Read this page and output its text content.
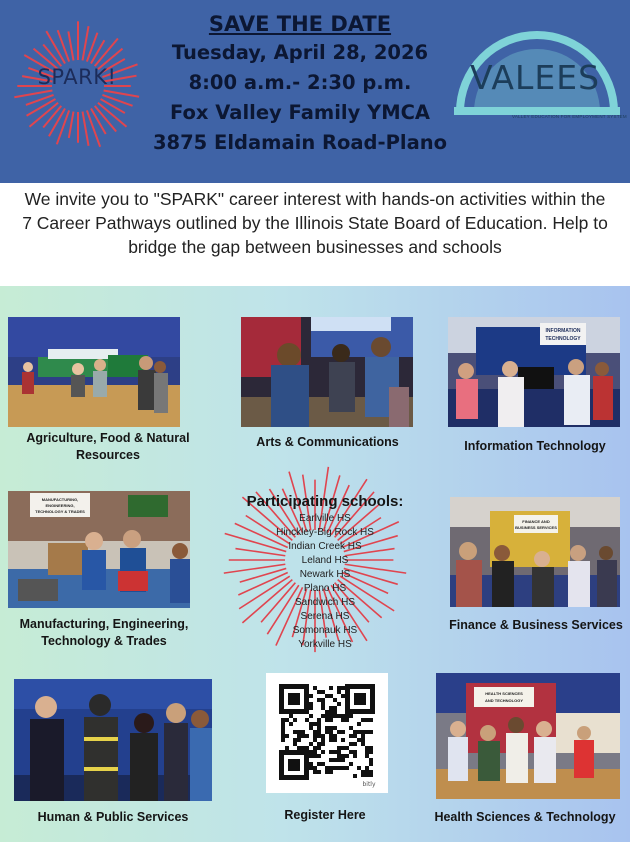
SPARK!
SAVE THE DATE
Tuesday, April 28, 2026
8:00 a.m.- 2:30 p.m.
Fox Valley Family YMCA
3875 Eldamain Road-Plano
VALEES
VALLEY EDUCATION FOR EMPLOYMENT SYSTEM
We invite you to "SPARK" career interest with hands-on activities within the 7 Career Pathways outlined by the Illinois State Board of Education. Help to bridge the gap between businesses and schools
Agriculture, Food & Natural Resources
Arts & Communications
INFORMATION
TECHNOLOGY
Information Technology
MANUFACTURING,
ENGINEERING,
TECHNOLOGY & TRADES
Manufacturing, Engineering, Technology & Trades
Participating schools:
Earlville HS
Hinckley-Big Rock HS
Indian Creek HS
Leland HS
Newark HS
Plano HS
Sandwich HS
Serena HS
Somonauk HS
Yorkville HS
FINANCE AND
BUSINESS SERVICES
Finance & Business Services
Human & Public Services
bitly
Register Here
HEALTH SCIENCES
AND TECHNOLOGY
Health Sciences & Technology
